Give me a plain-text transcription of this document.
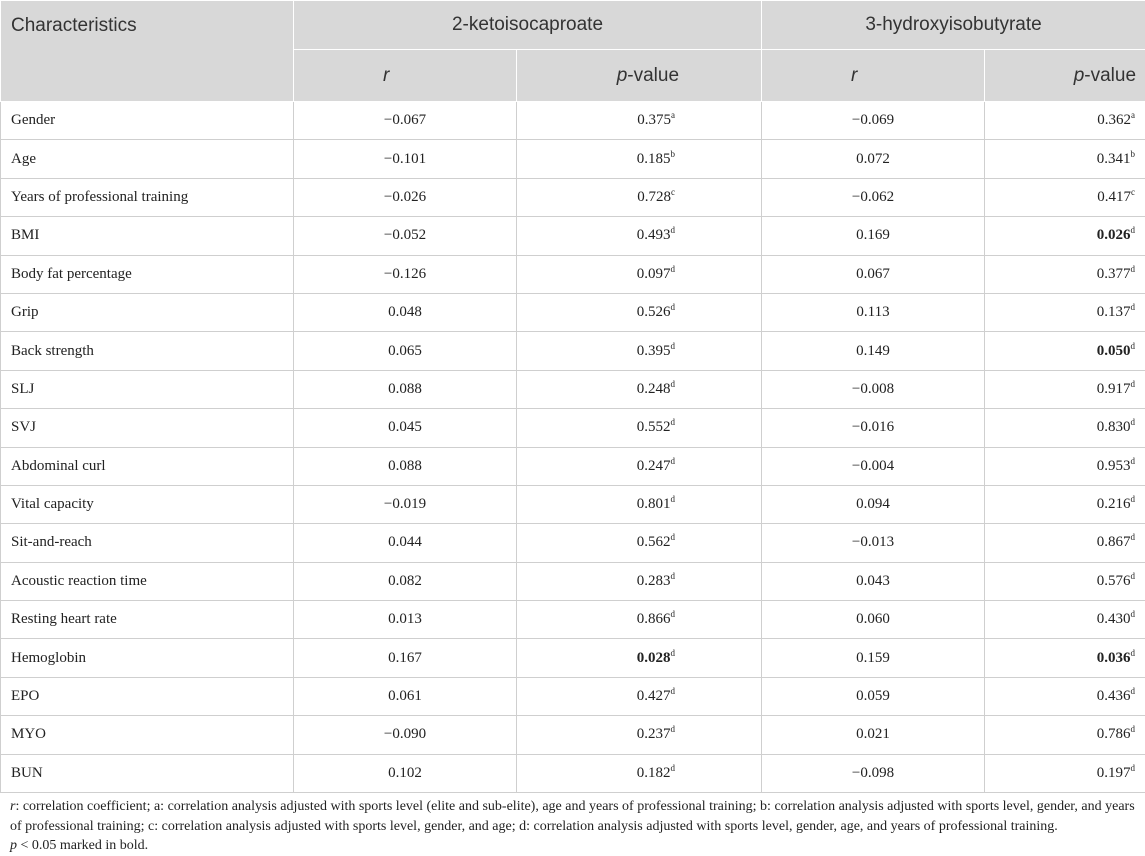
Characteristics	2-ketoisocaproate		3-hydroxyisobutyrate	
	r	p-value	r	p-value
Gender	−0.067	0.375$^a$	−0.069	0.362$^a$
Age	−0.101	0.185$^b$	0.072	0.341$^b$
Years of professional training	−0.026	0.728$^c$	−0.062	0.417$^c$
BMI	−0.052	0.493$^d$	0.169	0.026$^d$
Body fat percentage	−0.126	0.097$^d$	0.067	0.377$^d$
Grip	0.048	0.526$^d$	0.113	0.137$^d$
Back strength	0.065	0.395$^d$	0.149	0.050$^d$
SLJ	0.088	0.248$^d$	−0.008	0.917$^d$
SVJ	0.045	0.552$^d$	−0.016	0.830$^d$
Abdominal curl	0.088	0.247$^d$	−0.004	0.953$^d$
Vital capacity	−0.019	0.801$^d$	0.094	0.216$^d$
Sit-and-reach	0.044	0.562$^d$	−0.013	0.867$^d$
Acoustic reaction time	0.082	0.283$^d$	0.043	0.576$^d$
Resting heart rate	0.013	0.866$^d$	0.060	0.430$^d$
Hemoglobin	0.167	0.028$^d$	0.159	0.036$^d$
EPO	0.061	0.427$^d$	0.059	0.436$^d$
MYO	−0.090	0.237$^d$	0.021	0.786$^d$
BUN	0.102	0.182$^d$	−0.098	0.197$^d$
r: correlation coefficient; a: correlation analysis adjusted with sports level (elite and sub-elite), age and years of professional training; b: correlation analysis adjusted with sports level, gender, and years of professional training; c: correlation analysis adjusted with sports level, gender, and age; d: correlation analysis adjusted with sports level, gender, age, and years of professional training.
p < 0.05 marked in bold.
